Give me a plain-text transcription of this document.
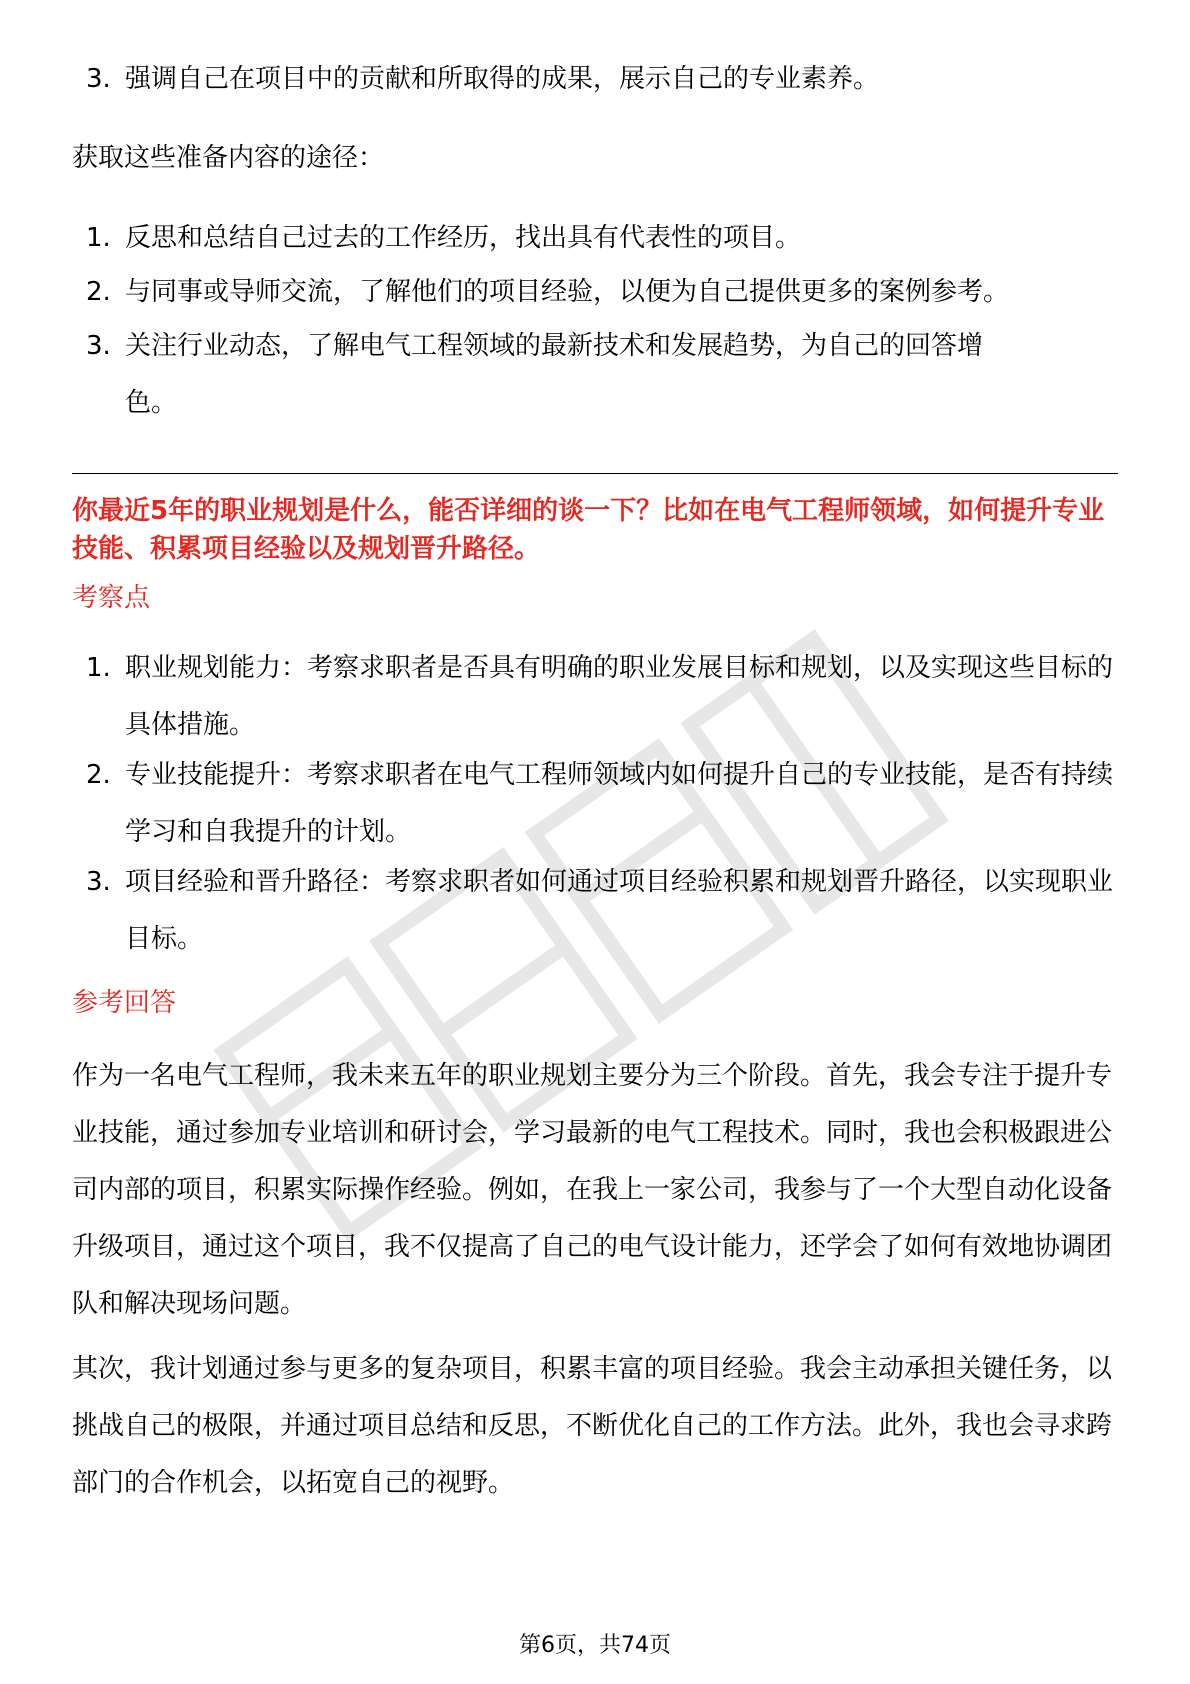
3. 强调自己在项目中的贡献和所取得的成果，展示自己的专业素养。

获取这些准备内容的途径：

1. 反思和总结自己过去的工作经历，找出具有代表性的项目。
2. 与同事或导师交流，了解他们的项目经验，以便为自己提供更多的案例参考。
3. 关注行业动态，了解电气工程领域的最新技术和发展趋势，为自己的回答增色。
你最近5年的职业规划是什么，能否详细的谈一下？比如在电气工程师领域，如何提升专业技能、积累项目经验以及规划晋升路径。
考察点
1. 职业规划能力：考察求职者是否具有明确的职业发展目标和规划，以及实现这些目标的具体措施。
2. 专业技能提升：考察求职者在电气工程师领域内如何提升自己的专业技能，是否有持续学习和自我提升的计划。
3. 项目经验和晋升路径：考察求职者如何通过项目经验积累和规划晋升路径，以实现职业目标。
参考回答

作为一名电气工程师，我未来五年的职业规划主要分为三个阶段。首先，我会专注于提升专业技能，通过参加专业培训和研讨会，学习最新的电气工程技术。同时，我也会积极跟进公司内部的项目，积累实际操作经验。例如，在我上一家公司，我参与了一个大型自动化设备升级项目，通过这个项目，我不仅提高了自己的电气设计能力，还学会了如何有效地协调团队和解决现场问题。

其次，我计划通过参与更多的复杂项目，积累丰富的项目经验。我会主动承担关键任务，以挑战自己的极限，并通过项目总结和反思，不断优化自己的工作方法。此外，我也会寻求跨部门的合作机会，以拓宽自己的视野。

第6页，共74页
